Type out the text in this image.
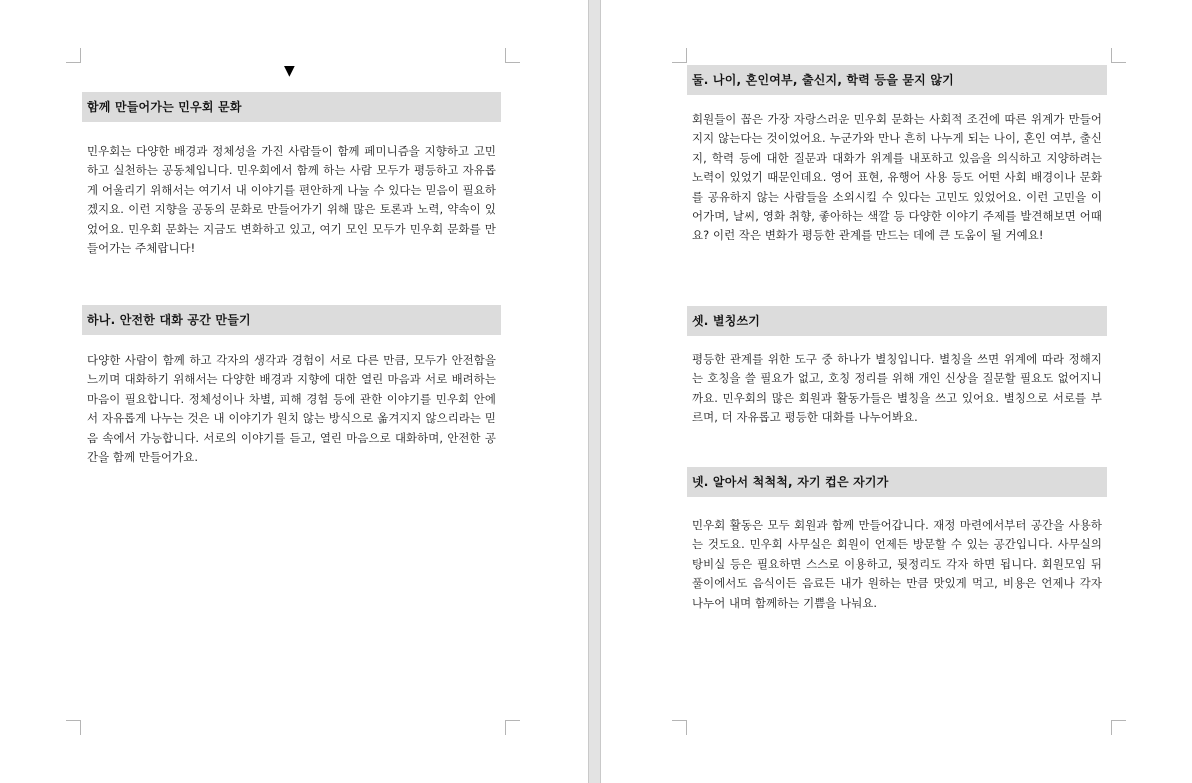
▼
함께 만들어가는 민우회 문화
민우회는 다양한 배경과 정체성을 가진 사람들이 함께 페미니즘을 지향하고 고민하고 실천하는 공동체입니다. 민우회에서 함께 하는 사람 모두가 평등하고 자유롭게 어울리기 위해서는 여기서 내 이야기를 편안하게 나눌 수 있다는 믿음이 필요하겠지요. 이런 지향을 공동의 문화로 만들어가기 위해 많은 토론과 노력, 약속이 있었어요. 민우회 문화는 지금도 변화하고 있고, 여기 모인 모두가 민우회 문화를 만들어가는 주체랍니다!
하나. 안전한 대화 공간 만들기
다양한 사람이 함께 하고 각자의 생각과 경험이 서로 다른 만큼, 모두가 안전함을 느끼며 대화하기 위해서는 다양한 배경과 지향에 대한 열린 마음과 서로 배려하는 마음이 필요합니다. 정체성이나 차별, 피해 경험 등에 관한 이야기를 민우회 안에서 자유롭게 나누는 것은 내 이야기가 원치 않는 방식으로 옮겨지지 않으리라는 믿음 속에서 가능합니다. 서로의 이야기를 듣고, 열린 마음으로 대화하며, 안전한 공간을 함께 만들어가요.
둘. 나이, 혼인여부, 출신지, 학력 등을 묻지 않기
회원들이 꼽은 가장 자랑스러운 민우회 문화는 사회적 조건에 따른 위계가 만들어지지 않는다는 것이었어요. 누군가와 만나 흔히 나누게 되는 나이, 혼인 여부, 출신지, 학력 등에 대한 질문과 대화가 위계를 내포하고 있음을 의식하고 지양하려는 노력이 있었기 때문인데요. 영어 표현, 유행어 사용 등도 어떤 사회 배경이나 문화를 공유하지 않는 사람들을 소외시킬 수 있다는 고민도 있었어요. 이런 고민을 이어가며, 날씨, 영화 취향, 좋아하는 색깔 등 다양한 이야기 주제를 발견해보면 어때요? 이런 작은 변화가 평등한 관계를 만드는 데에 큰 도움이 될 거예요!
셋. 별칭쓰기
평등한 관계를 위한 도구 중 하나가 별칭입니다. 별칭을 쓰면 위계에 따라 정해지는 호칭을 쓸 필요가 없고, 호칭 정리를 위해 개인 신상을 질문할 필요도 없어지니까요. 민우회의 많은 회원과 활동가들은 별칭을 쓰고 있어요. 별칭으로 서로를 부르며, 더 자유롭고 평등한 대화를 나누어봐요.
넷. 알아서 척척척, 자기 컵은 자기가
민우회 활동은 모두 회원과 함께 만들어갑니다. 재정 마련에서부터 공간을 사용하는 것도요. 민우회 사무실은 회원이 언제든 방문할 수 있는 공간입니다. 사무실의 탕비실 등은 필요하면 스스로 이용하고, 뒷정리도 각자 하면 됩니다. 회원모임 뒤풀이에서도 음식이든 음료든 내가 원하는 만큼 맛있게 먹고, 비용은 언제나 각자 나누어 내며 함께하는 기쁨을 나눠요.
